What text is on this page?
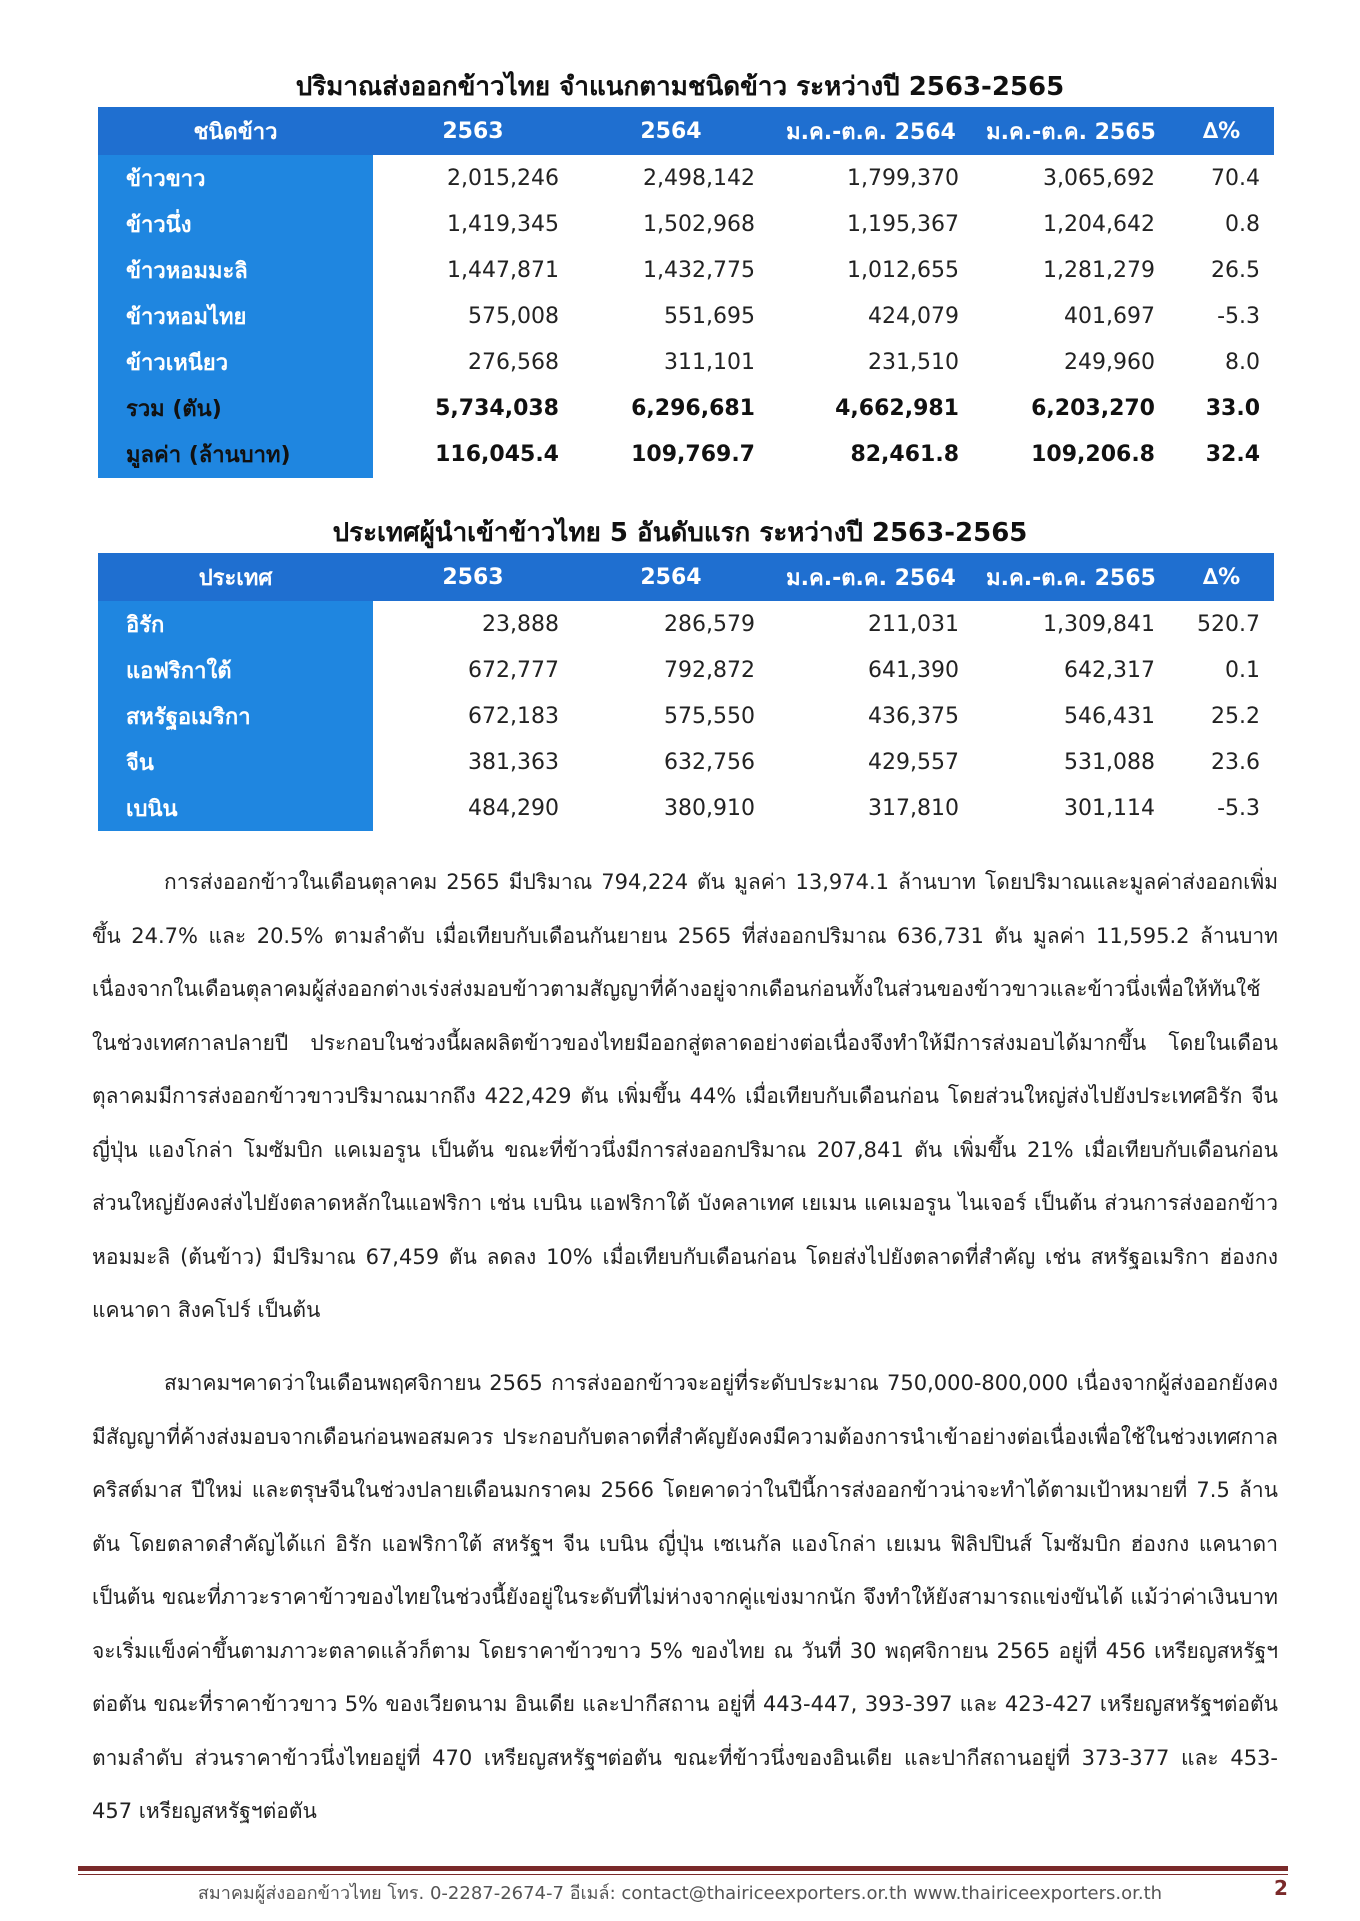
ปริมาณส่งออกข้าวไทย จำแนกตามชนิดข้าว ระหว่างปี 2563-2565
ชนิดข้าว	2563	2564	ม.ค.-ต.ค. 2564	ม.ค.-ต.ค. 2565	∆%
ข้าวขาว	2,015,246	2,498,142	1,799,370	3,065,692	70.4
ข้าวนึ่ง	1,419,345	1,502,968	1,195,367	1,204,642	0.8
ข้าวหอมมะลิ	1,447,871	1,432,775	1,012,655	1,281,279	26.5
ข้าวหอมไทย	575,008	551,695	424,079	401,697	-5.3
ข้าวเหนียว	276,568	311,101	231,510	249,960	8.0
รวม (ตัน)	5,734,038	6,296,681	4,662,981	6,203,270	33.0
มูลค่า (ล้านบาท)	116,045.4	109,769.7	82,461.8	109,206.8	32.4
ประเทศผู้นำเข้าข้าวไทย 5 อันดับแรก ระหว่างปี 2563-2565
ประเทศ	2563	2564	ม.ค.-ต.ค. 2564	ม.ค.-ต.ค. 2565	∆%
อิรัก	23,888	286,579	211,031	1,309,841	520.7
แอฟริกาใต้	672,777	792,872	641,390	642,317	0.1
สหรัฐอเมริกา	672,183	575,550	436,375	546,431	25.2
จีน	381,363	632,756	429,557	531,088	23.6
เบนิน	484,290	380,910	317,810	301,114	-5.3

การส่งออกข้าวในเดือนตุลาคม 2565 มีปริมาณ 794,224 ตัน มูลค่า 13,974.1 ล้านบาท โดยปริมาณและมูลค่าส่งออกเพิ่มขึ้น 24.7% และ 20.5% ตามลำดับ เมื่อเทียบกับเดือนกันยายน 2565 ที่ส่งออกปริมาณ 636,731 ตัน มูลค่า 11,595.2 ล้านบาท เนื่องจากในเดือนตุลาคมผู้ส่งออกต่างเร่งส่งมอบข้าวตามสัญญาที่ค้างอยู่จากเดือนก่อนทั้งในส่วนของข้าวขาวและข้าวนึ่งเพื่อให้ทันใช้ในช่วงเทศกาลปลายปี ประกอบในช่วงนี้ผลผลิตข้าวของไทยมีออกสู่ตลาดอย่างต่อเนื่องจึงทำให้มีการส่งมอบได้มากขึ้น โดยในเดือนตุลาคมมีการส่งออกข้าวขาวปริมาณมากถึง 422,429 ตัน เพิ่มขึ้น 44% เมื่อเทียบกับเดือนก่อน โดยส่วนใหญ่ส่งไปยังประเทศอิรัก จีน ญี่ปุ่น แองโกล่า โมซัมบิก แคเมอรูน เป็นต้น ขณะที่ข้าวนึ่งมีการส่งออกปริมาณ 207,841 ตัน เพิ่มขึ้น 21% เมื่อเทียบกับเดือนก่อน ส่วนใหญ่ยังคงส่งไปยังตลาดหลักในแอฟริกา เช่น เบนิน แอฟริกาใต้ บังคลาเทศ เยเมน แคเมอรูน ไนเจอร์ เป็นต้น ส่วนการส่งออกข้าวหอมมะลิ (ต้นข้าว) มีปริมาณ 67,459 ตัน ลดลง 10% เมื่อเทียบกับเดือนก่อน โดยส่งไปยังตลาดที่สำคัญ เช่น สหรัฐอเมริกา ฮ่องกง แคนาดา สิงคโปร์ เป็นต้น

สมาคมฯคาดว่าในเดือนพฤศจิกายน 2565 การส่งออกข้าวจะอยู่ที่ระดับประมาณ 750,000-800,000 เนื่องจากผู้ส่งออกยังคงมีสัญญาที่ค้างส่งมอบจากเดือนก่อนพอสมควร ประกอบกับตลาดที่สำคัญยังคงมีความต้องการนำเข้าอย่างต่อเนื่องเพื่อใช้ในช่วงเทศกาลคริสต์มาส ปีใหม่ และตรุษจีนในช่วงปลายเดือนมกราคม 2566 โดยคาดว่าในปีนี้การส่งออกข้าวน่าจะทำได้ตามเป้าหมายที่ 7.5 ล้านตัน โดยตลาดสำคัญได้แก่ อิรัก แอฟริกาใต้ สหรัฐฯ จีน เบนิน ญี่ปุ่น เซเนกัล แองโกล่า เยเมน ฟิลิปปินส์ โมซัมบิก ฮ่องกง แคนาดา เป็นต้น ขณะที่ภาวะราคาข้าวของไทยในช่วงนี้ยังอยู่ในระดับที่ไม่ห่างจากคู่แข่งมากนัก จึงทำให้ยังสามารถแข่งขันได้ แม้ว่าค่าเงินบาทจะเริ่มแข็งค่าขึ้นตามภาวะตลาดแล้วก็ตาม โดยราคาข้าวขาว 5% ของไทย ณ วันที่ 30 พฤศจิกายน 2565 อยู่ที่ 456 เหรียญสหรัฐฯต่อตัน ขณะที่ราคาข้าวขาว 5% ของเวียดนาม อินเดีย และปากีสถาน อยู่ที่ 443-447, 393-397 และ 423-427 เหรียญสหรัฐฯต่อตัน ตามลำดับ ส่วนราคาข้าวนึ่งไทยอยู่ที่ 470 เหรียญสหรัฐฯต่อตัน ขณะที่ข้าวนึ่งของอินเดีย และปากีสถานอยู่ที่ 373-377 และ 453-457 เหรียญสหรัฐฯต่อตัน

สมาคมผู้ส่งออกข้าวไทย โทร. 0-2287-2674-7 อีเมล์: contact@thairiceexporters.or.th www.thairiceexporters.or.th	2
